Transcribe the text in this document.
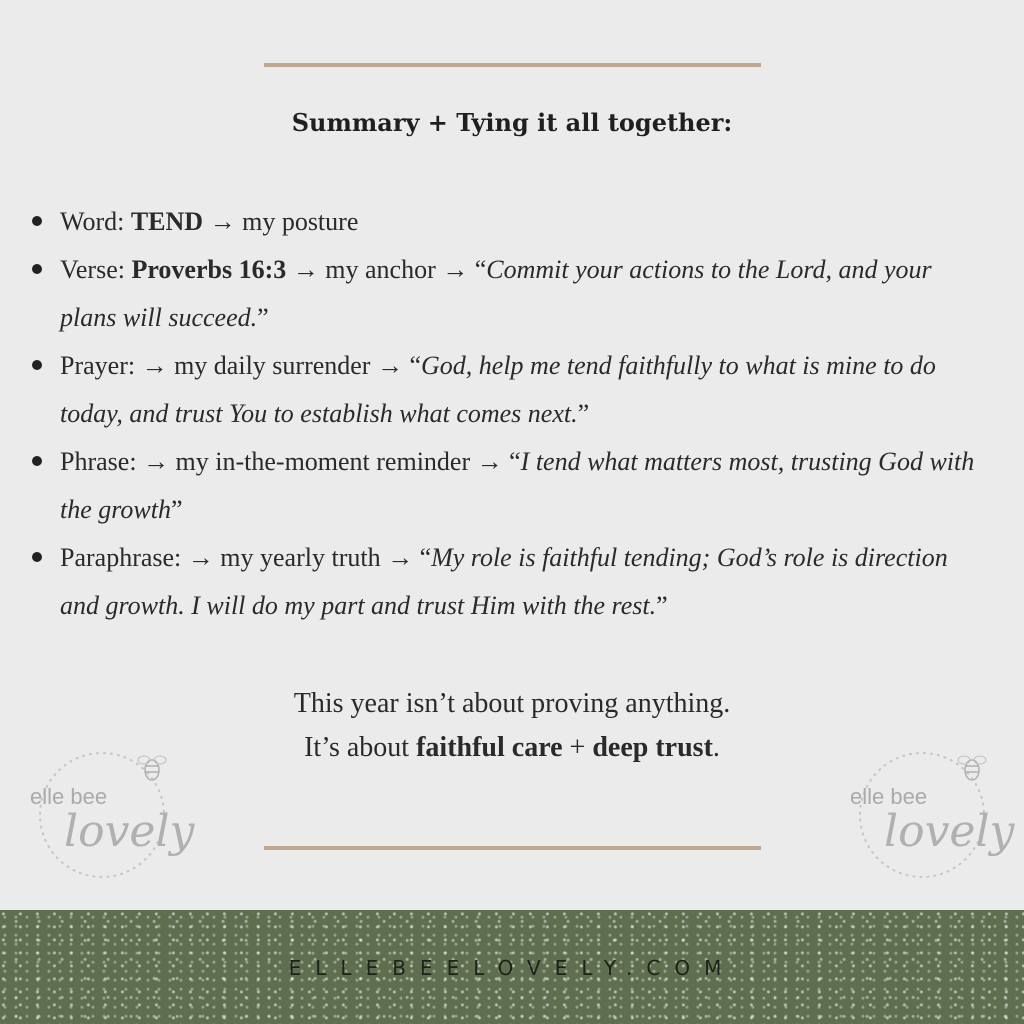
Summary + Tying it all together:
Word: TEND → my posture
Verse: Proverbs 16:3 → my anchor → “Commit your actions to the Lord, and your plans will succeed.”
Prayer: → my daily surrender → “God, help me tend faithfully to what is mine to do today, and trust You to establish what comes next.”
Phrase: → my in-the-moment reminder → “I tend what matters most, trusting God with the growth”
Paraphrase: → my yearly truth → “My role is faithful tending; God’s role is direction and growth. I will do my part and trust Him with the rest.”
This year isn’t about proving anything.
It’s about faithful care + deep trust.
elle bee
lovely
elle bee
lovely
ELLEBEELOVELY.COM
